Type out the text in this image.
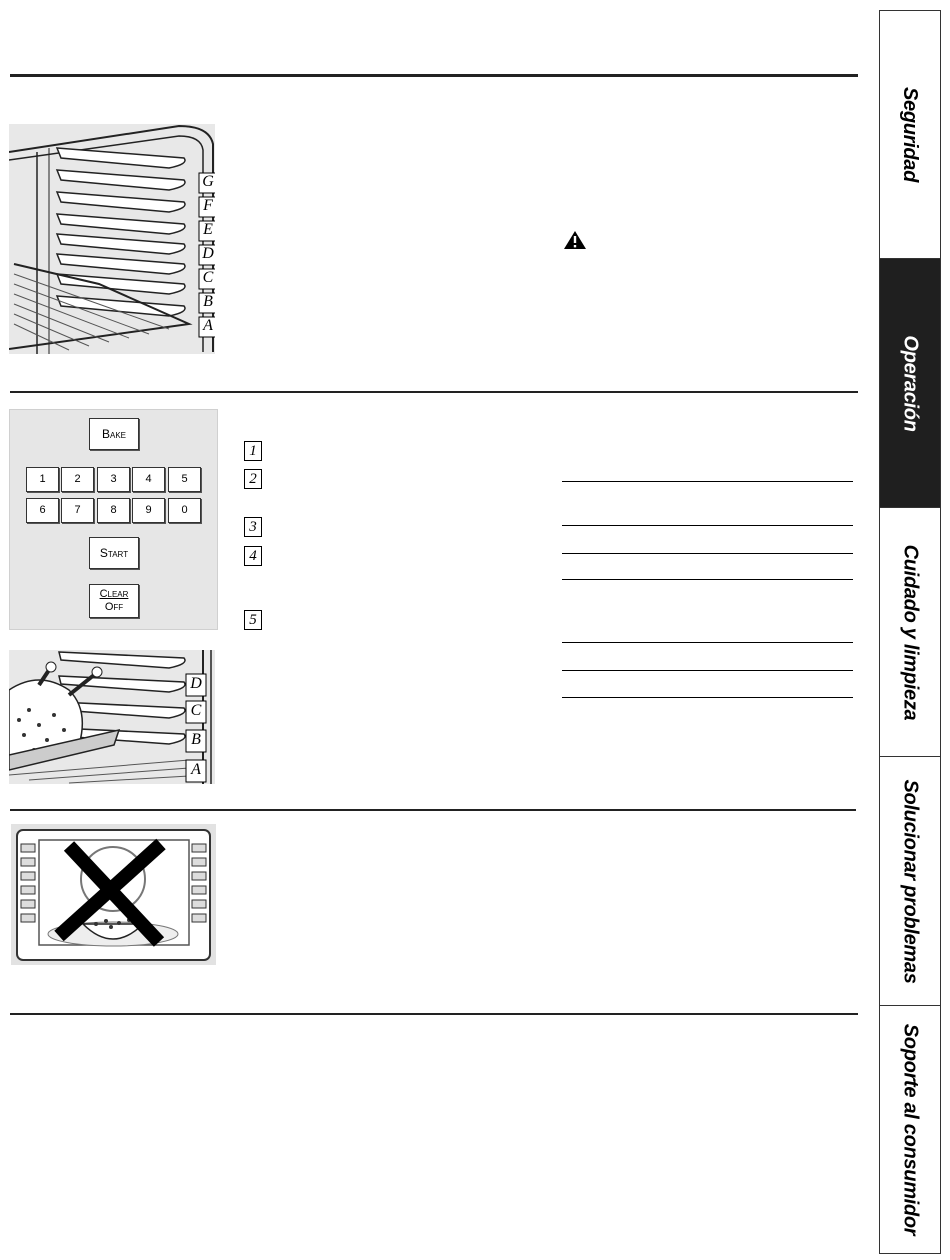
G
F
E
D
C
B
A
Bake
1	2	3	4	5
6	7	8	9	0
Start
Clear
Off
1
2
3
4
5
D
C
B
A
Seguridad
Operación
Cuidado y limpieza
Solucionar problemas
Soporte al consumidor
